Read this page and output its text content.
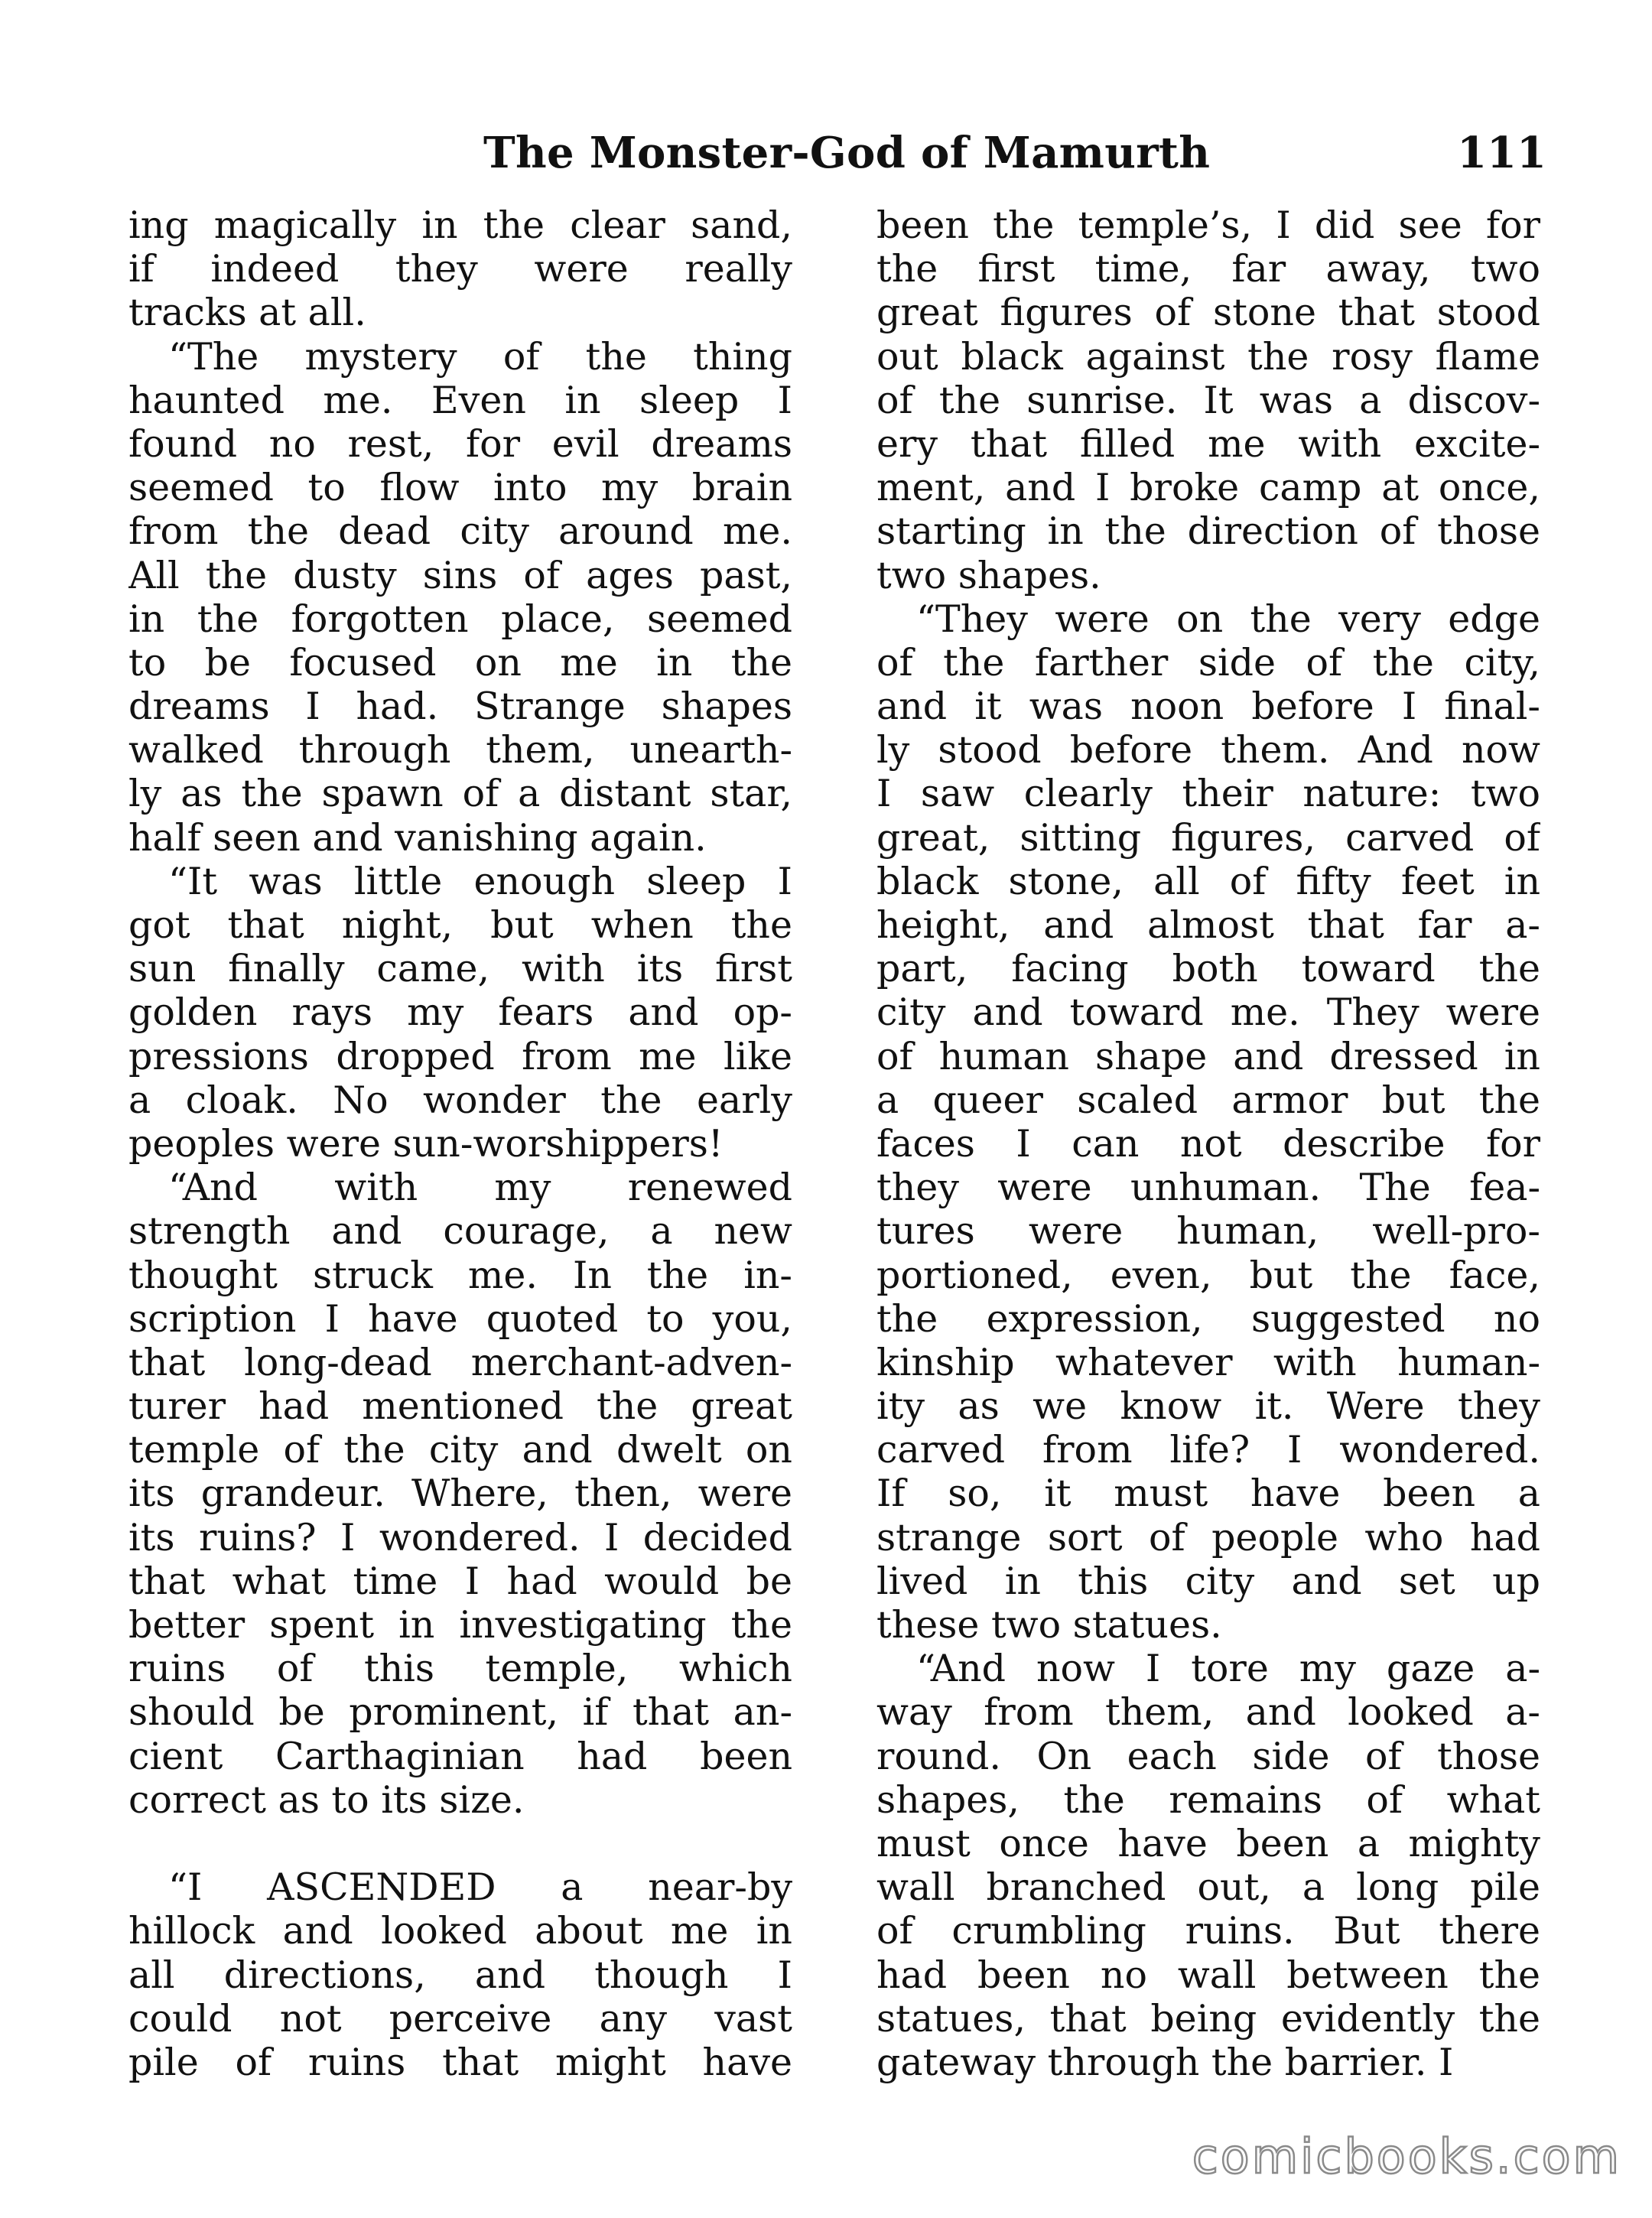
The Monster-God of Mamurth	111
ing magically in the clear sand,
if indeed they were really
tracks at all.
“The mystery of the thing
haunted me. Even in sleep I
found no rest, for evil dreams
seemed to flow into my brain
from the dead city around me.
All the dusty sins of ages past,
in the forgotten place, seemed
to be focused on me in the
dreams I had. Strange shapes
walked through them, unearth-
ly as the spawn of a distant star,
half seen and vanishing again.
“It was little enough sleep I
got that night, but when the
sun finally came, with its first
golden rays my fears and op-
pressions dropped from me like
a cloak. No wonder the early
peoples were sun-worshippers!
“And with my renewed
strength and courage, a new
thought struck me. In the in-
scription I have quoted to you,
that long-dead merchant-adven-
turer had mentioned the great
temple of the city and dwelt on
its grandeur. Where, then, were
its ruins? I wondered. I decided
that what time I had would be
better spent in investigating the
ruins of this temple, which
should be prominent, if that an-
cient Carthaginian had been
correct as to its size.
“I ASCENDED a near-by
hillock and looked about me in
all directions, and though I
could not perceive any vast
pile of ruins that might have
been the temple’s, I did see for
the first time, far away, two
great figures of stone that stood
out black against the rosy flame
of the sunrise. It was a discov-
ery that filled me with excite-
ment, and I broke camp at once,
starting in the direction of those
two shapes.
“They were on the very edge
of the farther side of the city,
and it was noon before I final-
ly stood before them. And now
I saw clearly their nature: two
great, sitting figures, carved of
black stone, all of fifty feet in
height, and almost that far a-
part, facing both toward the
city and toward me. They were
of human shape and dressed in
a queer scaled armor but the
faces I can not describe for
they were unhuman. The fea-
tures were human, well-pro-
portioned, even, but the face,
the expression, suggested no
kinship whatever with human-
ity as we know it. Were they
carved from life? I wondered.
If so, it must have been a
strange sort of people who had
lived in this city and set up
these two statues.
“And now I tore my gaze a-
way from them, and looked a-
round. On each side of those
shapes, the remains of what
must once have been a mighty
wall branched out, a long pile
of crumbling ruins. But there
had been no wall between the
statues, that being evidently the
gateway through the barrier. I
comicbooks.com
